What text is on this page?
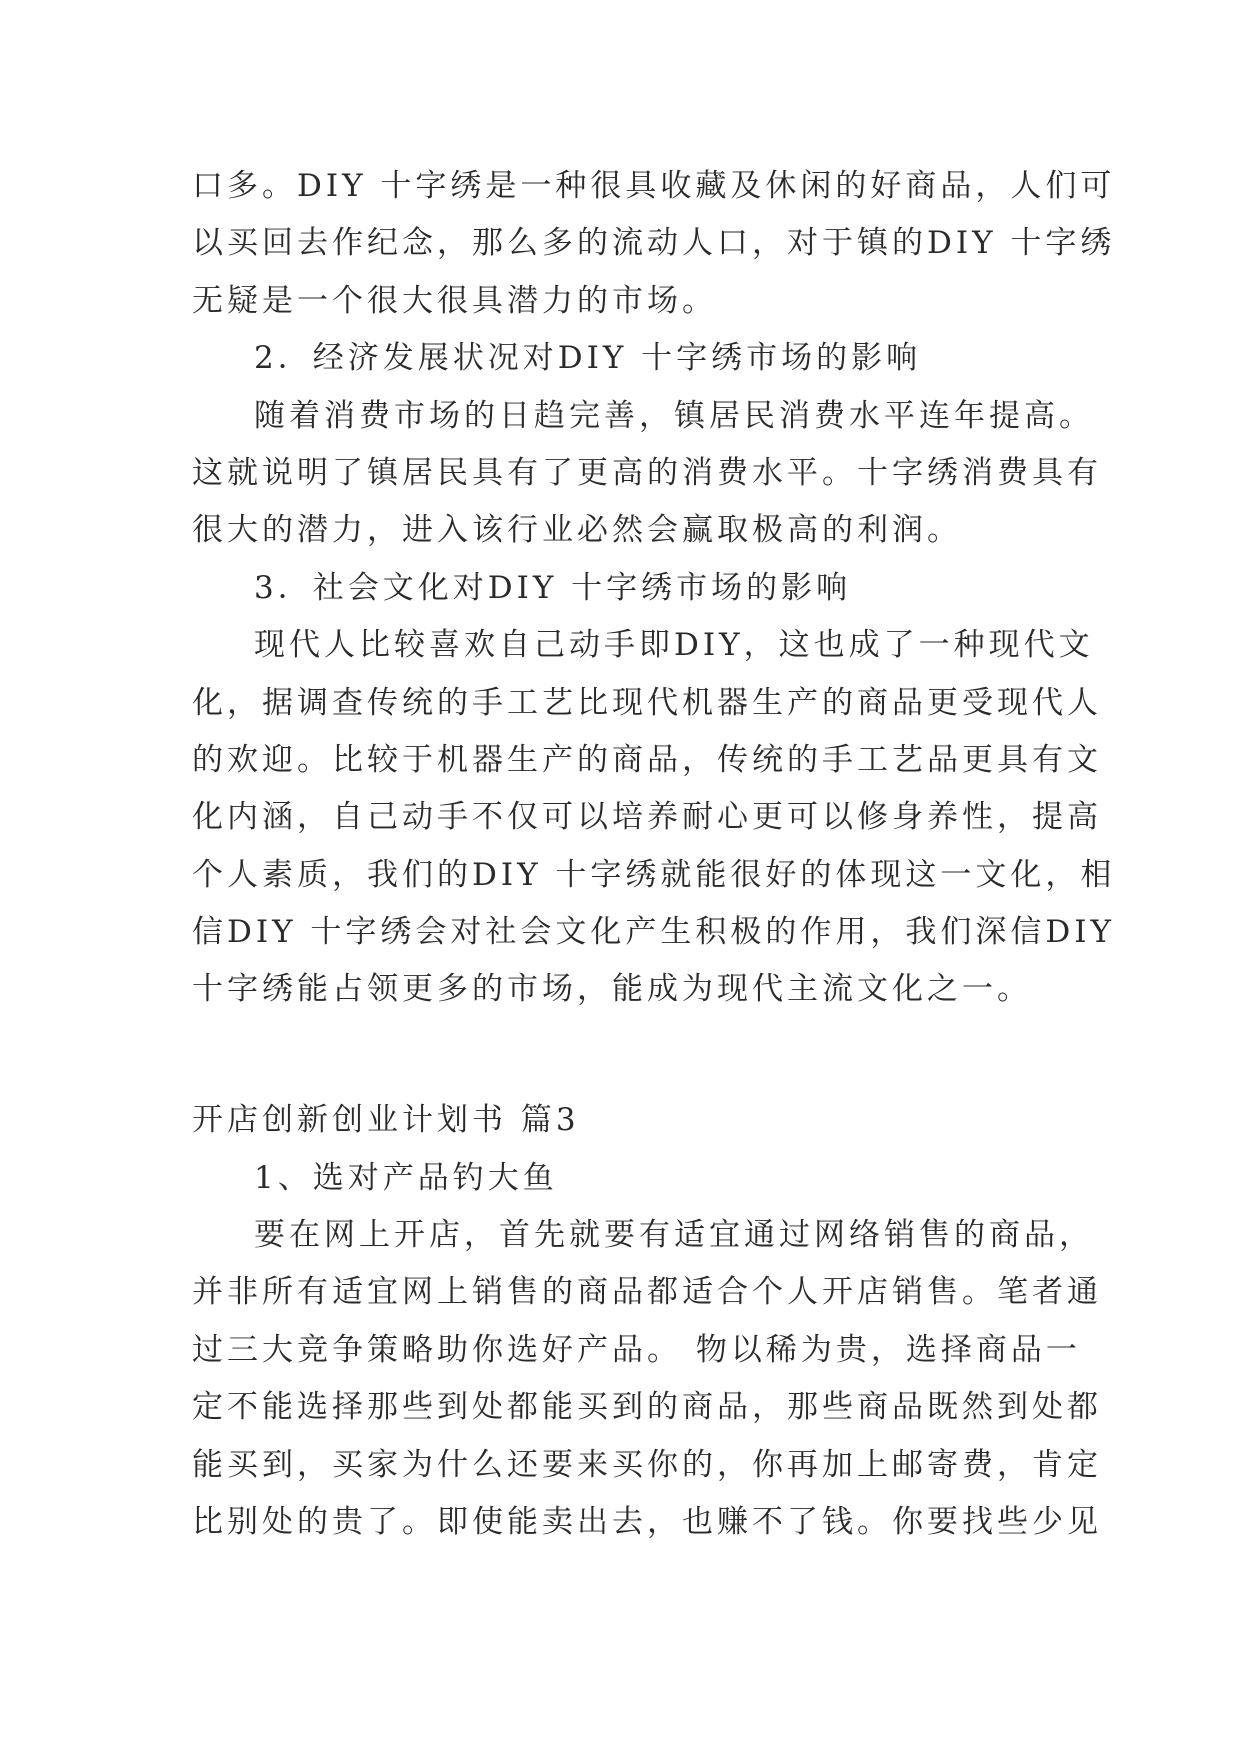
口多。DIY 十字绣是一种很具收藏及休闲的好商品，人们可
以买回去作纪念，那么多的流动人口，对于镇的DIY 十字绣
无疑是一个很大很具潜力的市场。
2．经济发展状况对DIY 十字绣市场的影响
随着消费市场的日趋完善，镇居民消费水平连年提高。
这就说明了镇居民具有了更高的消费水平。十字绣消费具有
很大的潜力，进入该行业必然会赢取极高的利润。
3．社会文化对DIY 十字绣市场的影响
现代人比较喜欢自己动手即DIY，这也成了一种现代文
化，据调查传统的手工艺比现代机器生产的商品更受现代人
的欢迎。比较于机器生产的商品，传统的手工艺品更具有文
化内涵，自己动手不仅可以培养耐心更可以修身养性，提高
个人素质，我们的DIY 十字绣就能很好的体现这一文化，相
信DIY 十字绣会对社会文化产生积极的作用，我们深信DIY
十字绣能占领更多的市场，能成为现代主流文化之一。
开店创新创业计划书 篇3
1、选对产品钓大鱼
要在网上开店，首先就要有适宜通过网络销售的商品，
并非所有适宜网上销售的商品都适合个人开店销售。笔者通
过三大竞争策略助你选好产品。 物以稀为贵，选择商品一
定不能选择那些到处都能买到的商品，那些商品既然到处都
能买到，买家为什么还要来买你的，你再加上邮寄费，肯定
比别处的贵了。即使能卖出去，也赚不了钱。你要找些少见
